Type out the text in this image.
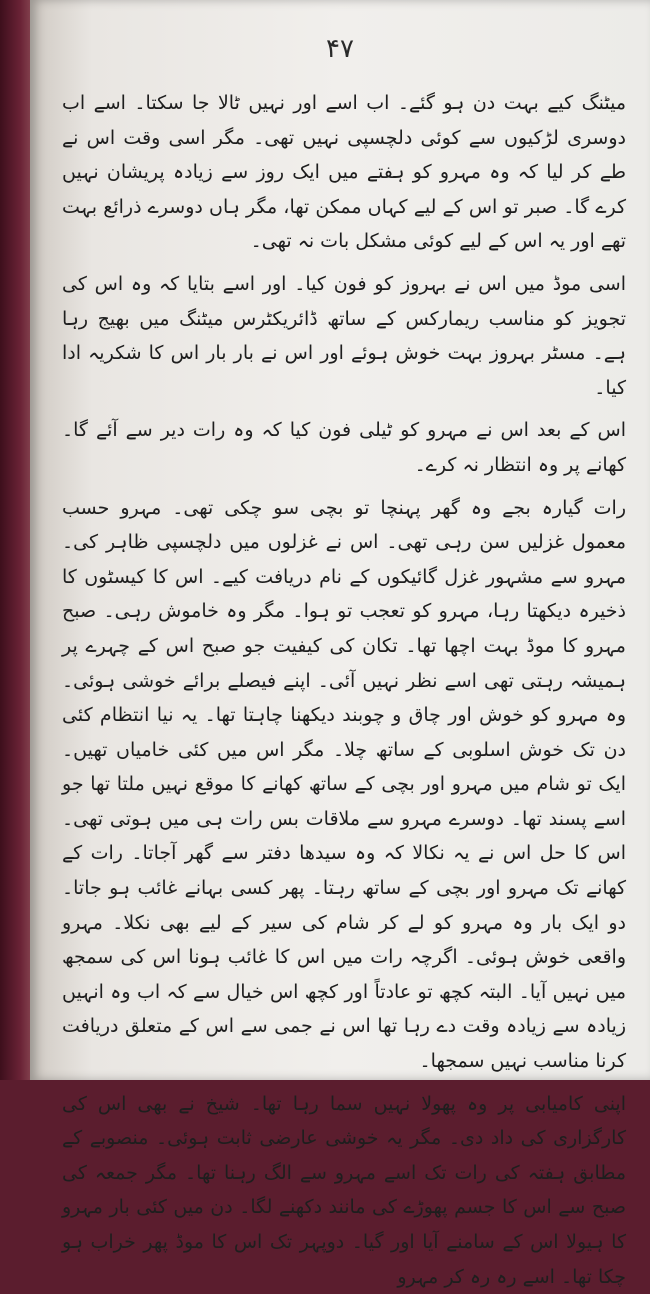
۴۷

میٹنگ کیے بہت دن ہو گئے۔ اب اسے اور نہیں ٹالا جا سکتا۔ اسے اب دوسری لڑکیوں سے کوئی دلچسپی نہیں تھی۔ مگر اسی وقت اس نے طے کر لیا کہ وہ مہرو کو ہفتے میں ایک روز سے زیادہ پریشان نہیں کرے گا۔ صبر تو اس کے لیے کہاں ممکن تھا، مگر ہاں دوسرے ذرائع بہت تھے اور یہ اس کے لیے کوئی مشکل بات نہ تھی۔

اسی موڈ میں اس نے بہروز کو فون کیا۔ اور اسے بتایا کہ وہ اس کی تجویز کو مناسب ریمارکس کے ساتھ ڈائریکٹرس میٹنگ میں بھیج رہا ہے۔ مسٹر بہروز بہت خوش ہوئے اور اس نے بار بار اس کا شکریہ ادا کیا۔

اس کے بعد اس نے مہرو کو ٹیلی فون کیا کہ وہ رات دیر سے آئے گا۔ کھانے پر وہ انتظار نہ کرے۔

رات گیارہ بجے وہ گھر پہنچا تو بچی سو چکی تھی۔ مہرو حسب معمول غزلیں سن رہی تھی۔ اس نے غزلوں میں دلچسپی ظاہر کی۔ مہرو سے مشہور غزل گائیکوں کے نام دریافت کیے۔ اس کا کیسٹوں کا ذخیرہ دیکھتا رہا، مہرو کو تعجب تو ہوا۔ مگر وہ خاموش رہی۔ صبح مہرو کا موڈ بہت اچھا تھا۔ تکان کی کیفیت جو صبح اس کے چہرے پر ہمیشہ رہتی تھی اسے نظر نہیں آئی۔ اپنے فیصلے برائے خوشی ہوئی۔ وہ مہرو کو خوش اور چاق و چوبند دیکھنا چاہتا تھا۔ یہ نیا انتظام کئی دن تک خوش اسلوبی کے ساتھ چلا۔ مگر اس میں کئی خامیاں تھیں۔ ایک تو شام میں مہرو اور بچی کے ساتھ کھانے کا موقع نہیں ملتا تھا جو اسے پسند تھا۔ دوسرے مہرو سے ملاقات بس رات ہی میں ہوتی تھی۔ اس کا حل اس نے یہ نکالا کہ وہ سیدھا دفتر سے گھر آجاتا۔ رات کے کھانے تک مہرو اور بچی کے ساتھ رہتا۔ پھر کسی بہانے غائب ہو جاتا۔ دو ایک بار وہ مہرو کو لے کر شام کی سیر کے لیے بھی نکلا۔ مہرو واقعی خوش ہوئی۔ اگرچہ رات میں اس کا غائب ہونا اس کی سمجھ میں نہیں آیا۔ البتہ کچھ تو عادتاً اور کچھ اس خیال سے کہ اب وہ انہیں زیادہ سے زیادہ وقت دے رہا تھا اس نے جمی سے اس کے متعلق دریافت کرنا مناسب نہیں سمجھا۔

اپنی کامیابی پر وہ پھولا نہیں سما رہا تھا۔ شیخ نے بھی اس کی کارگزاری کی داد دی۔ مگر یہ خوشی عارضی ثابت ہوئی۔ منصوبے کے مطابق ہفتہ کی رات تک اسے مہرو سے الگ رہنا تھا۔ مگر جمعہ کی صبح سے اس کا جسم پھوڑے کی مانند دکھنے لگا۔ دن میں کئی بار مہرو کا ہیولا اس کے سامنے آیا اور گیا۔ دوپہر تک اس کا موڈ پھر خراب ہو چکا تھا۔ اسے رہ رہ کر مہرو
